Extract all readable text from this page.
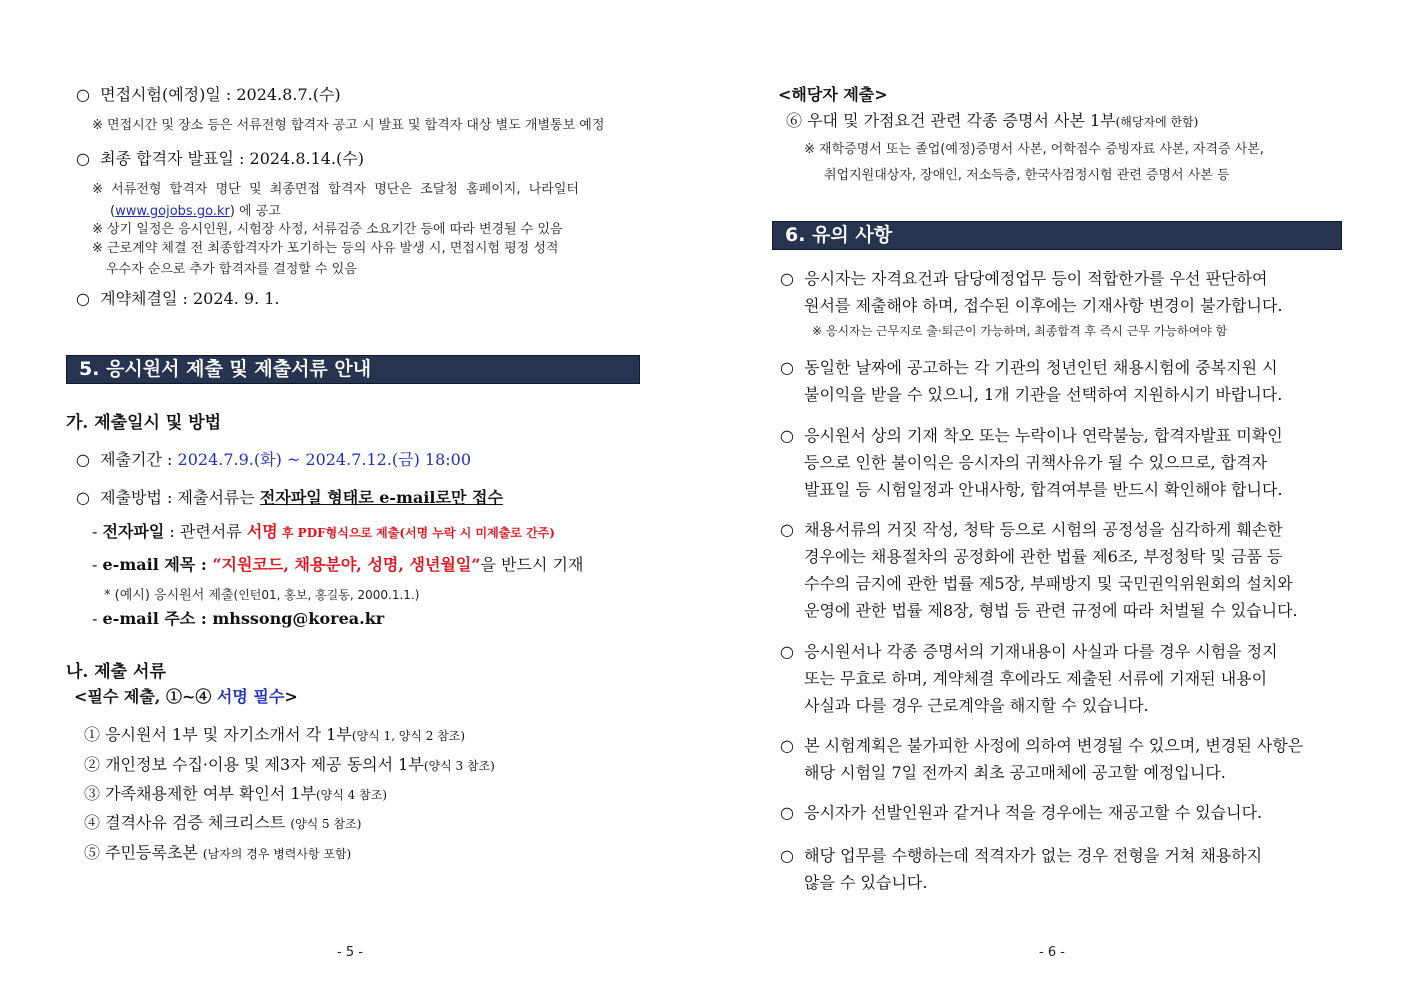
○ 면접시험(예정)일 : 2024.8.7.(수)
※ 면접시간 및 장소 등은 서류전형 합격자 공고 시 발표 및 합격자 대상 별도 개별통보 예정
○ 최종 합격자 발표일 : 2024.8.14.(수)
※  서류전형  합격자  명단  및  최종면접  합격자  명단은  조달청  홈페이지,  나라일터
(www.gojobs.go.kr) 에 공고
※ 상기 일정은 응시인원, 시험장 사정, 서류검증 소요기간 등에 따라 변경될 수 있음
※ 근로계약 체결 전 최종합격자가 포기하는 등의 사유 발생 시, 면접시험 평정 성적
우수자 순으로 추가 합격자를 결정할 수 있음
○ 계약체결일 : 2024. 9. 1.
5. 응시원서 제출 및 제출서류 안내
가. 제출일시 및 방법
○ 제출기간 : 2024.7.9.(화) ~ 2024.7.12.(금) 18:00
○ 제출방법 : 제출서류는 전자파일 형태로 e-mail로만 접수
- 전자파일 : 관련서류 서명 후 PDF형식으로 제출(서명 누락 시 미제출로 간주)
- e-mail 제목 : “지원코드, 채용분야, 성명, 생년월일”을 반드시 기재
* (예시) 응시원서 제출(인턴01, 홍보, 홍길동, 2000.1.1.)
- e-mail 주소 : mhssong@korea.kr
나. 제출 서류
<필수 제출, ①~④ 서명 필수>
① 응시원서 1부 및 자기소개서 각 1부(양식 1, 양식 2 참조)
② 개인정보 수집·이용 및 제3자 제공 동의서 1부(양식 3 참조)
③ 가족채용제한 여부 확인서 1부(양식 4 참조)
④ 결격사유 검증 체크리스트 (양식 5 참조)
⑤ 주민등록초본 (남자의 경우 병력사항 포함)
- 5 -
<해당자 제출>
⑥ 우대 및 가점요건 관련 각종 증명서 사본 1부(해당자에 한함)
※ 재학증명서 또는 졸업(예정)증명서 사본, 어학점수 증빙자료 사본, 자격증 사본,
취업지원대상자, 장애인, 저소득층, 한국사검정시험 관련 증명서 사본 등
6. 유의 사항
○ 응시자는 자격요건과 담당예정업무 등이 적합한가를 우선 판단하여
원서를 제출해야 하며, 접수된 이후에는 기재사항 변경이 불가합니다.
※ 응시자는 근무지로 출·퇴근이 가능하며, 최종합격 후 즉시 근무 가능하여야 함
○ 동일한 날짜에 공고하는 각 기관의 청년인턴 채용시험에 중복지원 시
불이익을 받을 수 있으니, 1개 기관을 선택하여 지원하시기 바랍니다.
○ 응시원서 상의 기재 착오 또는 누락이나 연락불능, 합격자발표 미확인
등으로 인한 불이익은 응시자의 귀책사유가 될 수 있으므로, 합격자
발표일 등 시험일정과 안내사항, 합격여부를 반드시 확인해야 합니다.
○ 채용서류의 거짓 작성, 청탁 등으로 시험의 공정성을 심각하게 훼손한
경우에는 채용절차의 공정화에 관한 법률 제6조, 부정청탁 및 금품 등
수수의 금지에 관한 법률 제5장, 부패방지 및 국민권익위원회의 설치와
운영에 관한 법률 제8장, 형법 등 관련 규정에 따라 처벌될 수 있습니다.
○ 응시원서나 각종 증명서의 기재내용이 사실과 다를 경우 시험을 정지
또는 무효로 하며, 계약체결 후에라도 제출된 서류에 기재된 내용이
사실과 다를 경우 근로계약을 해지할 수 있습니다.
○ 본 시험계획은 불가피한 사정에 의하여 변경될 수 있으며, 변경된 사항은
해당 시험일 7일 전까지 최초 공고매체에 공고할 예정입니다.
○ 응시자가 선발인원과 같거나 적을 경우에는 재공고할 수 있습니다.
○ 해당 업무를 수행하는데 적격자가 없는 경우 전형을 거쳐 채용하지
않을 수 있습니다.
- 6 -
